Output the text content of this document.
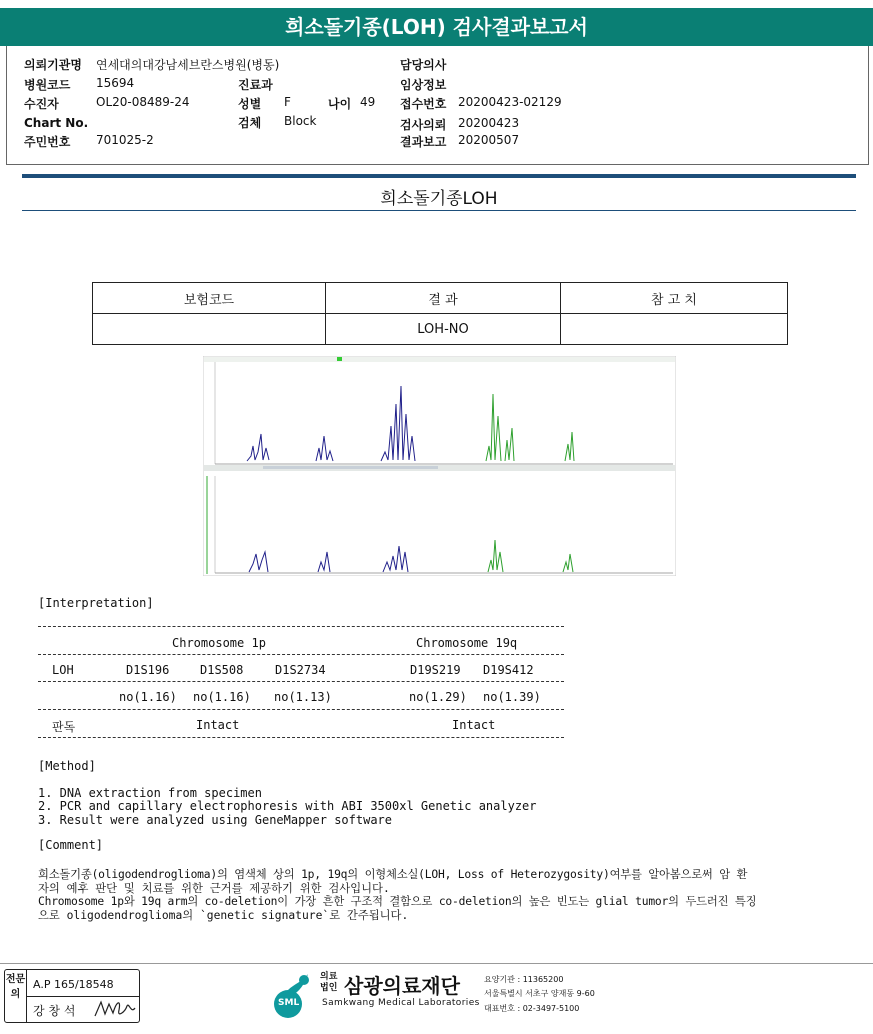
희소돌기종(LOH) 검사결과보고서
의뢰기관명 연세대의대강남세브란스병원(병동)
병원코드 15694
수진자	OL20-08489-24
Chart No.
주민번호 701025-2
진료과
성별 F	나이 49
검체 Block
담당의사
임상정보
접수번호 20200423-02129
검사의뢰 20200423
결과보고 20200507
희소돌기종LOH
보험코드	결 과	참 고 치
	LOH-NO	
[Interpretation]
Chromosome 1p	Chromosome 19q
LOH	D1S196	D1S508	D1S2734	D19S219 D19S412
no(1.16) no(1.16) no(1.13)	no(1.29) no(1.39)
판독	Intact	Intact
[Method]
1. DNA extraction from specimen
2. PCR and capillary electrophoresis with ABI 3500xl Genetic analyzer
3. Result were analyzed using GeneMapper software
[Comment]
희소돌기종(oligodendroglioma)의 염색체 상의 1p, 19q의 이형체소실(LOH, Loss of Heterozygosity)여부를 알아봄으로써 암 환
자의 예후 판단 및 치료를 위한 근거를 제공하기 위한 검사입니다.
Chromosome 1p와 19q arm의 co-deletion이 가장 흔한 구조적 결함으로 co-deletion의 높은 빈도는 glial tumor의 두드러진 특징
으로 oligodendroglioma의 `genetic signature`로 간주됩니다.
전문의
A.P 165/18548
강 창 석
SML
의료법인 삼광의료재단
Samkwang Medical Laboratories
요양기관 : 11365200
서울특별시 서초구 양재동 9-60
대표번호 : 02-3497-5100
